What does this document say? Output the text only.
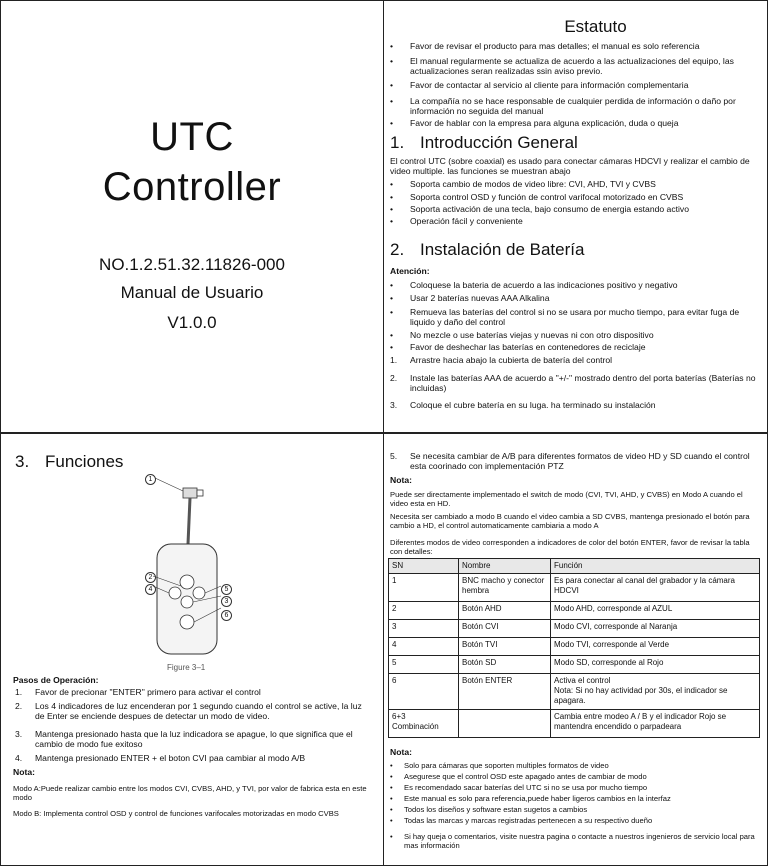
UTC
Controller
NO.1.2.51.32.11826-000
Manual de Usuario
V1.0.0
Estatuto
•	Favor de revisar el producto para mas detalles; el manual es solo referencia
•	El manual regularmente se actualiza de acuerdo a las actualizaciones del equipo, las actualizaciones seran realizadas ssin aviso previo.
•	Favor de contactar al servicio al cliente para información complementaria
•	La compañía no se hace responsable de cualquier perdida de información o daño por información no seguida del manual
•	Favor de hablar con la empresa para alguna explicación, duda o queja
1. Introducción General
El control UTC (sobre coaxial) es usado para conectar cámaras HDCVI y realizar el cambio de video multiple. las funciones se muestran abajo
•	Soporta cambio de modos de video libre: CVI, AHD, TVI y CVBS
•	Soporta control OSD y función de control varifocal motorizado en CVBS
•	Soporta activación de una tecla, bajo consumo de energia estando activo
•	Operación fácil y conveniente
2. Instalación de Batería
Atención:
•	Coloquese la bateria de acuerdo a las indicaciones positivo y negativo
•	Usar 2 baterías nuevas AAA Alkalina
•	Remueva las baterías del control si no se usara por mucho tiempo, para evitar fuga de liquido y daño del control
•	No mezcle o use baterías viejas y nuevas ni con otro dispositivo
•	Favor de deshechar las baterías en contenedores de reciclaje
1.	Arrastre hacia abajo la cubierta de batería del control
2.	Instale las baterías AAA de acuerdo a "+/-" mostrado dentro del porta baterías (Baterías no incluidas)
3.	Coloque el cubre batería en su luga. ha terminado su instalación
3. Funciones
1
2
4	5
3
6
Figure 3–1
Pasos de Operación:
1.	Favor de precionar "ENTER" primero para activar el control
2.	Los 4 indicadores de luz encenderan por 1 segundo cuando el control se active, la luz de Enter se enciende despues de detectar un modo de video.
3.	Mantenga presionado hasta que la luz indicadora se apague, lo que significa que el cambio de modo fue exitoso
4.	Mantenga presionado ENTER + el boton CVI paa cambiar al modo A/B
Nota:
Modo A:Puede realizar cambio entre los modos CVI, CVBS, AHD, y TVI, por valor de fabrica esta en este modo
Modo B: Implementa control OSD y control de funciones varifocales motorizadas en modo CVBS
5.	Se necesita cambiar de A/B para diferentes formatos de video HD y SD cuando el control esta coorinado con implementación PTZ
Nota:
Puede ser directamente implementado el switch de modo (CVI, TVI, AHD, y CVBS) en Modo A cuando el video esta en HD.
Necesita ser cambiado a modo B cuando el video cambia a SD CVBS, mantenga presionado el botón para cambio a HD, el control automaticamente cambiaria a modo A
Diferentes modos de video corresponden a indicadores de color del botón ENTER, favor de revisar la tabla con detalles:
SN	Nombre	Función
1	BNC macho y conector hembra	Es para conectar al canal del grabador y la cámara HDCVI
2	Botón AHD	Modo AHD, corresponde al AZUL
3	Botón CVI	Modo CVI, corresponde al Naranja
4	Botón TVI	Modo TVI, corresponde al Verde
5	Botón SD	Modo SD, corresponde al Rojo
6	Botón ENTER	Activa el control
Nota: Si no hay actividad por 30s, el indicador se apagara.
6+3
Combinación		Cambia entre modeo A / B y el indicador Rojo se mantendra encendido o parpadeara
Nota:
•	Solo para cámaras que soporten multiples formatos de video
•	Asegurese que el control OSD este apagado antes de cambiar de modo
•	Es recomendado sacar baterías del UTC si no se usa por mucho tiempo
•	Este manual es solo para referencia,puede haber ligeros cambios en la interfaz
•	Todos los diseños y software estan sugetos a cambios
•	Todas las marcas y marcas registradas pertenecen a su respectivo dueño
•	Si hay queja o comentarios, visite nuestra pagina o contacte a nuestros ingenieros de servicio local para mas información
